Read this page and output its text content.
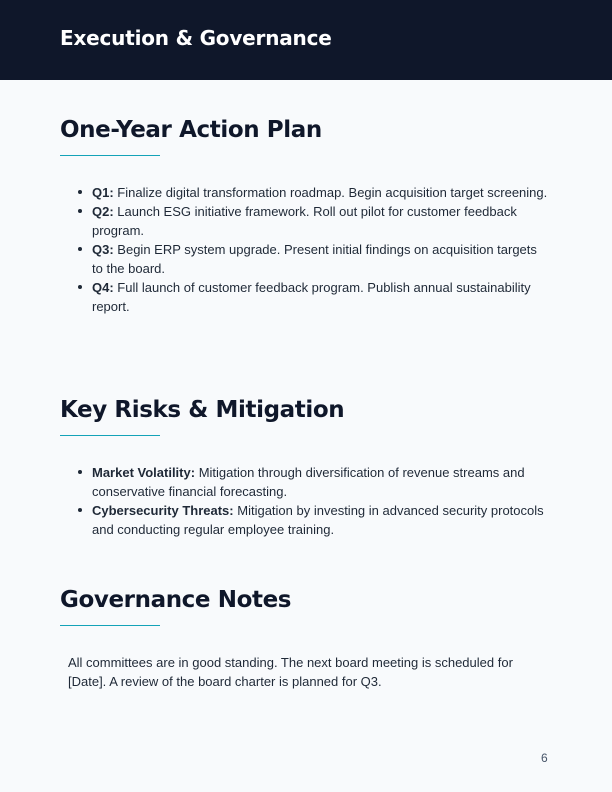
Execution & Governance
One-Year Action Plan
Q1: Finalize digital transformation roadmap. Begin acquisition target screening.
Q2: Launch ESG initiative framework. Roll out pilot for customer feedback program.
Q3: Begin ERP system upgrade. Present initial findings on acquisition targets to the board.
Q4: Full launch of customer feedback program. Publish annual sustainability report.
Key Risks & Mitigation
Market Volatility: Mitigation through diversification of revenue streams and conservative financial forecasting.
Cybersecurity Threats: Mitigation by investing in advanced security protocols and conducting regular employee training.
Governance Notes
All committees are in good standing. The next board meeting is scheduled for [Date]. A review of the board charter is planned for Q3.
6
